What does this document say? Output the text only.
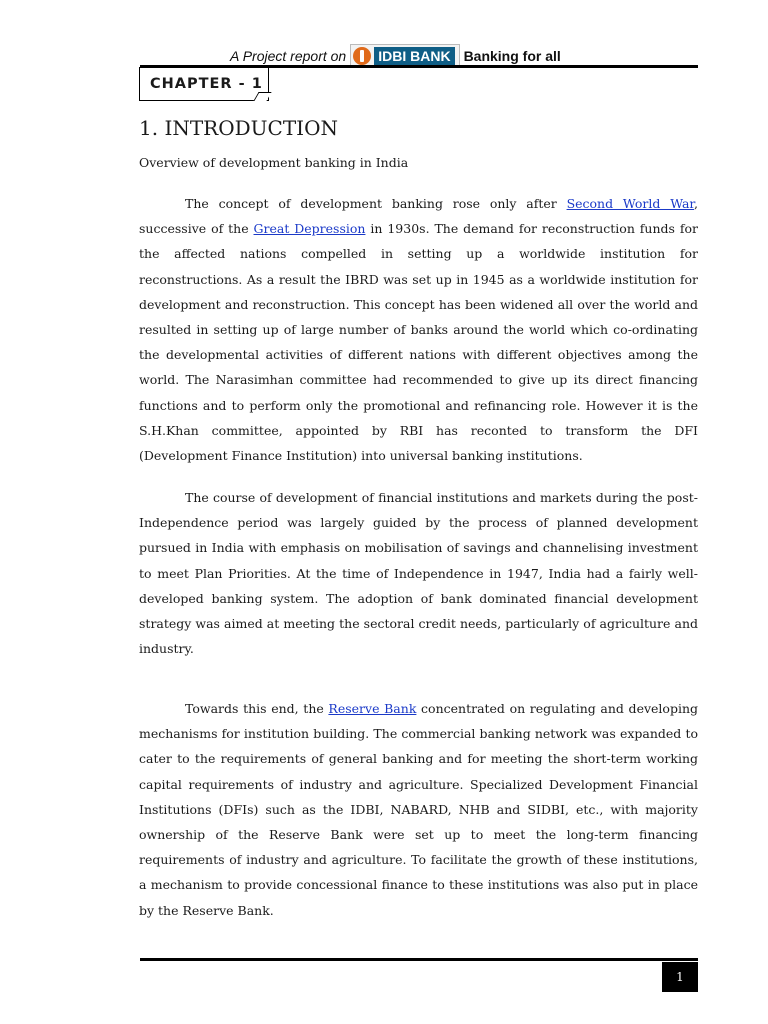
A Project report on IDBI BANK Banking for all
CHAPTER - 1
1. INTRODUCTION
Overview of development banking in India

The concept of development banking rose only after Second World War, successive of the Great Depression in 1930s. The demand for reconstruction funds for the affected nations compelled in setting up a worldwide institution for reconstructions. As a result the IBRD was set up in 1945 as a worldwide institution for development and reconstruction. This concept has been widened all over the world and resulted in setting up of large number of banks around the world which co-ordinating the developmental activities of different nations with different objectives among the world. The Narasimhan committee had recommended to give up its direct financing functions and to perform only the promotional and refinancing role. However it is the S.H.Khan committee, appointed by RBI has reconted to transform the DFI (Development Finance Institution) into universal banking institutions.

The course of development of financial institutions and markets during the post-Independence period was largely guided by the process of planned development pursued in India with emphasis on mobilisation of savings and channelising investment to meet Plan Priorities. At the time of Independence in 1947, India had a fairly well-developed banking system. The adoption of bank dominated financial development strategy was aimed at meeting the sectoral credit needs, particularly of agriculture and industry.

Towards this end, the Reserve Bank concentrated on regulating and developing mechanisms for institution building. The commercial banking network was expanded to cater to the requirements of general banking and for meeting the short-term working capital requirements of industry and agriculture. Specialized Development Financial Institutions (DFIs) such as the IDBI, NABARD, NHB and SIDBI, etc., with majority ownership of the Reserve Bank were set up to meet the long-term financing requirements of industry and agriculture. To facilitate the growth of these institutions, a mechanism to provide concessional finance to these institutions was also put in place by the Reserve Bank.

1
